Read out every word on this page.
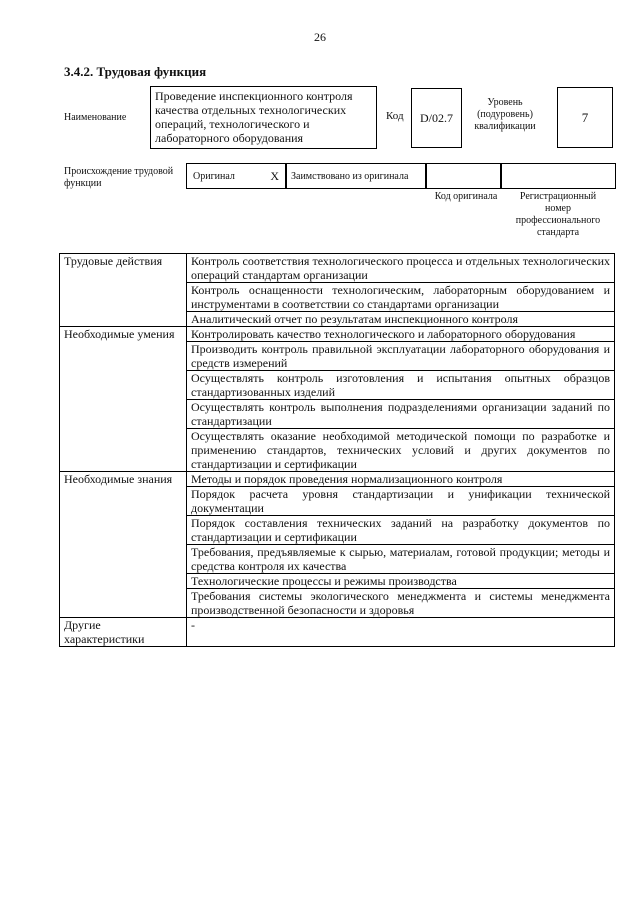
26
3.4.2. Трудовая функция
Наименование
Проведение инспекционного контроля качества отдельных технологических операций, технологического и лабораторного оборудования
Код	D/02.7
Уровень (подуровень) квалификации
7
Происхождение трудовой функции
Оригинал	X Заимствовано из оригинала
Код оригинала	Регистрационный номер профессионального стандарта
Трудовые действия	Контроль соответствия технологического процесса и отдельных технологических операций стандартам организации
	Контроль оснащенности технологическим, лабораторным оборудованием и инструментами в соответствии со стандартами организации
	Аналитический отчет по результатам инспекционного контроля
Необходимые умения	Контролировать качество технологического и лабораторного оборудования
	Производить контроль правильной эксплуатации лабораторного оборудования и средств измерений
	Осуществлять контроль изготовления и испытания опытных образцов стандартизованных изделий
	Осуществлять контроль выполнения подразделениями организации заданий по стандартизации
	Осуществлять оказание необходимой методической помощи по разработке и применению стандартов, технических условий и других документов по стандартизации и сертификации
Необходимые знания	Методы и порядок проведения нормализационного контроля
	Порядок расчета уровня стандартизации и унификации технической документации
	Порядок составления технических заданий на разработку документов по стандартизации и сертификации
	Требования, предъявляемые к сырью, материалам, готовой продукции; методы и средства контроля их качества
	Технологические процессы и режимы производства
	Требования системы экологического менеджмента и системы менеджмента производственной безопасности и здоровья
Другие характеристики	-
